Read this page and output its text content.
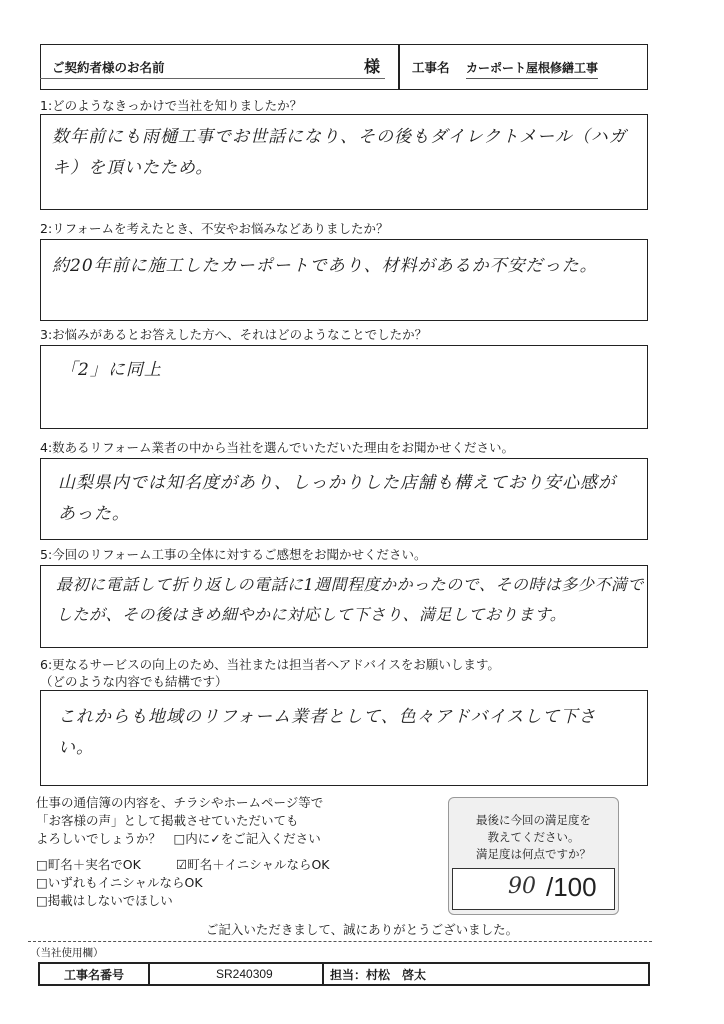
ご契約者様のお名前	様	工事名 カーポート屋根修繕工事
1:どのようなきっかけで当社を知りましたか？
数年前にも雨樋工事でお世話になり、その後もダイレクトメール（ハガキ）を頂いたため。
2:リフォームを考えたとき、不安やお悩みなどありましたか？
約20年前に施工したカーポートであり、材料があるか不安だった。
3:お悩みがあるとお答えした方へ、それはどのようなことでしたか？
「2」に同上
4:数あるリフォーム業者の中から当社を選んでいただいた理由をお聞かせください。
山梨県内では知名度があり、しっかりした店舗も構えており安心感があった。
5:今回のリフォーム工事の全体に対するご感想をお聞かせください。
最初に電話して折り返しの電話に1週間程度かかったので、その時は多少不満でしたが、その後はきめ細やかに対応して下さり、満足しております。
6:更なるサービスの向上のため、当社または担当者へアドバイスをお願いします。
（どのような内容でも結構です）
これからも地域のリフォーム業者として、色々アドバイスして下さい。
仕事の通信簿の内容を、チラシやホームページ等で
「お客様の声」として掲載させていただいても
よろしいでしょうか？　□内に✓をご記入ください
□町名＋実名でOK	☑町名＋イニシャルならOK
□いずれもイニシャルならOK
□掲載はしないでほしい
最後に今回の満足度を
教えてください。
満足度は何点ですか？
90 /100
ご記入いただきまして、誠にありがとうございました。
（当社使用欄）
工事名番号	SR240309	担当：村松　啓太
